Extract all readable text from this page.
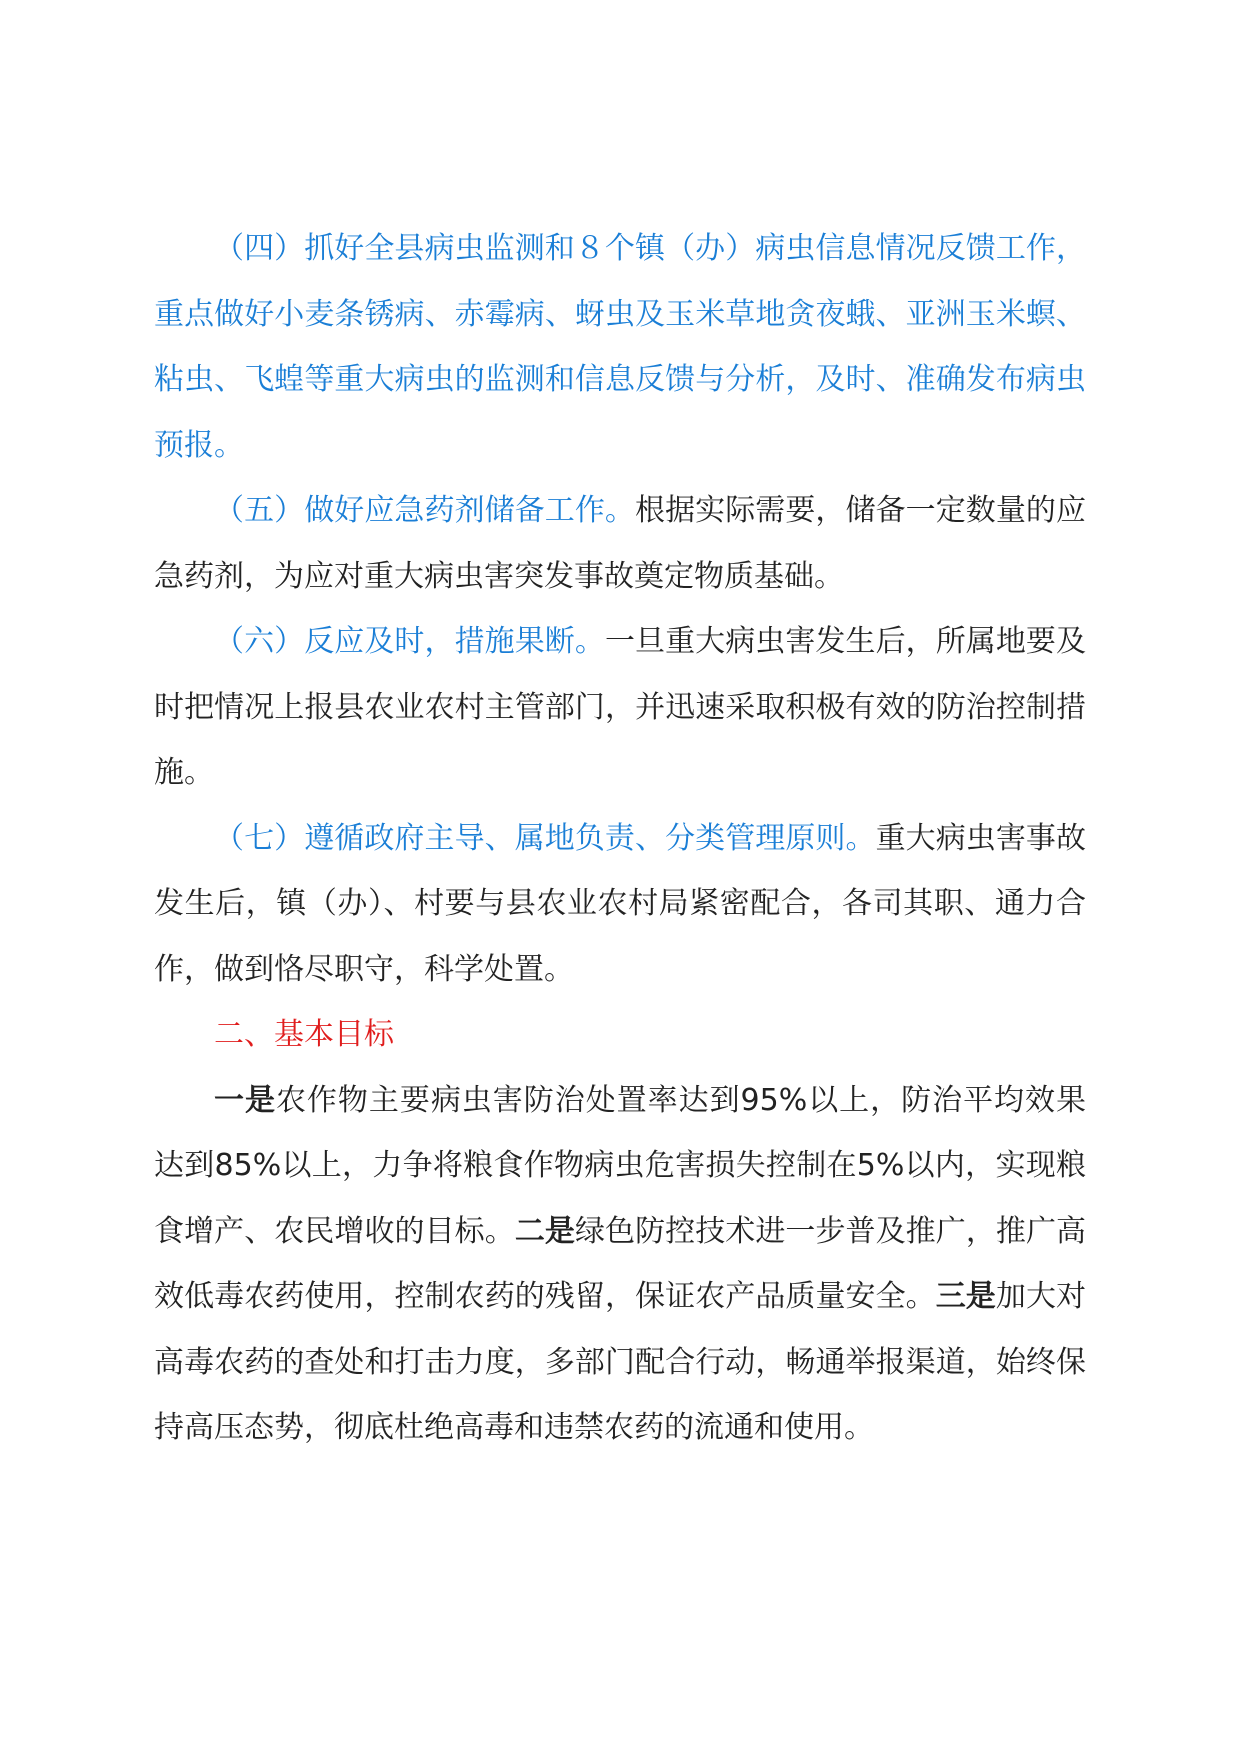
（四）抓好全县病虫监测和８个镇（办）病虫信息情况反馈工作，重点做好小麦条锈病、赤霉病、蚜虫及玉米草地贪夜蛾、亚洲玉米螟、粘虫、飞蝗等重大病虫的监测和信息反馈与分析，及时、准确发布病虫预报。

（五）做好应急药剂储备工作。根据实际需要，储备一定数量的应急药剂，为应对重大病虫害突发事故奠定物质基础。

（六）反应及时，措施果断。一旦重大病虫害发生后，所属地要及时把情况上报县农业农村主管部门，并迅速采取积极有效的防治控制措施。

（七）遵循政府主导、属地负责、分类管理原则。重大病虫害事故发生后，镇（办）、村要与县农业农村局紧密配合，各司其职、通力合作，做到恪尽职守，科学处置。

二、基本目标

一是农作物主要病虫害防治处置率达到95%以上，防治平均效果达到85%以上，力争将粮食作物病虫危害损失控制在5%以内，实现粮食增产、农民增收的目标。二是绿色防控技术进一步普及推广，推广高效低毒农药使用，控制农药的残留，保证农产品质量安全。三是加大对高毒农药的查处和打击力度，多部门配合行动，畅通举报渠道，始终保持高压态势，彻底杜绝高毒和违禁农药的流通和使用。
